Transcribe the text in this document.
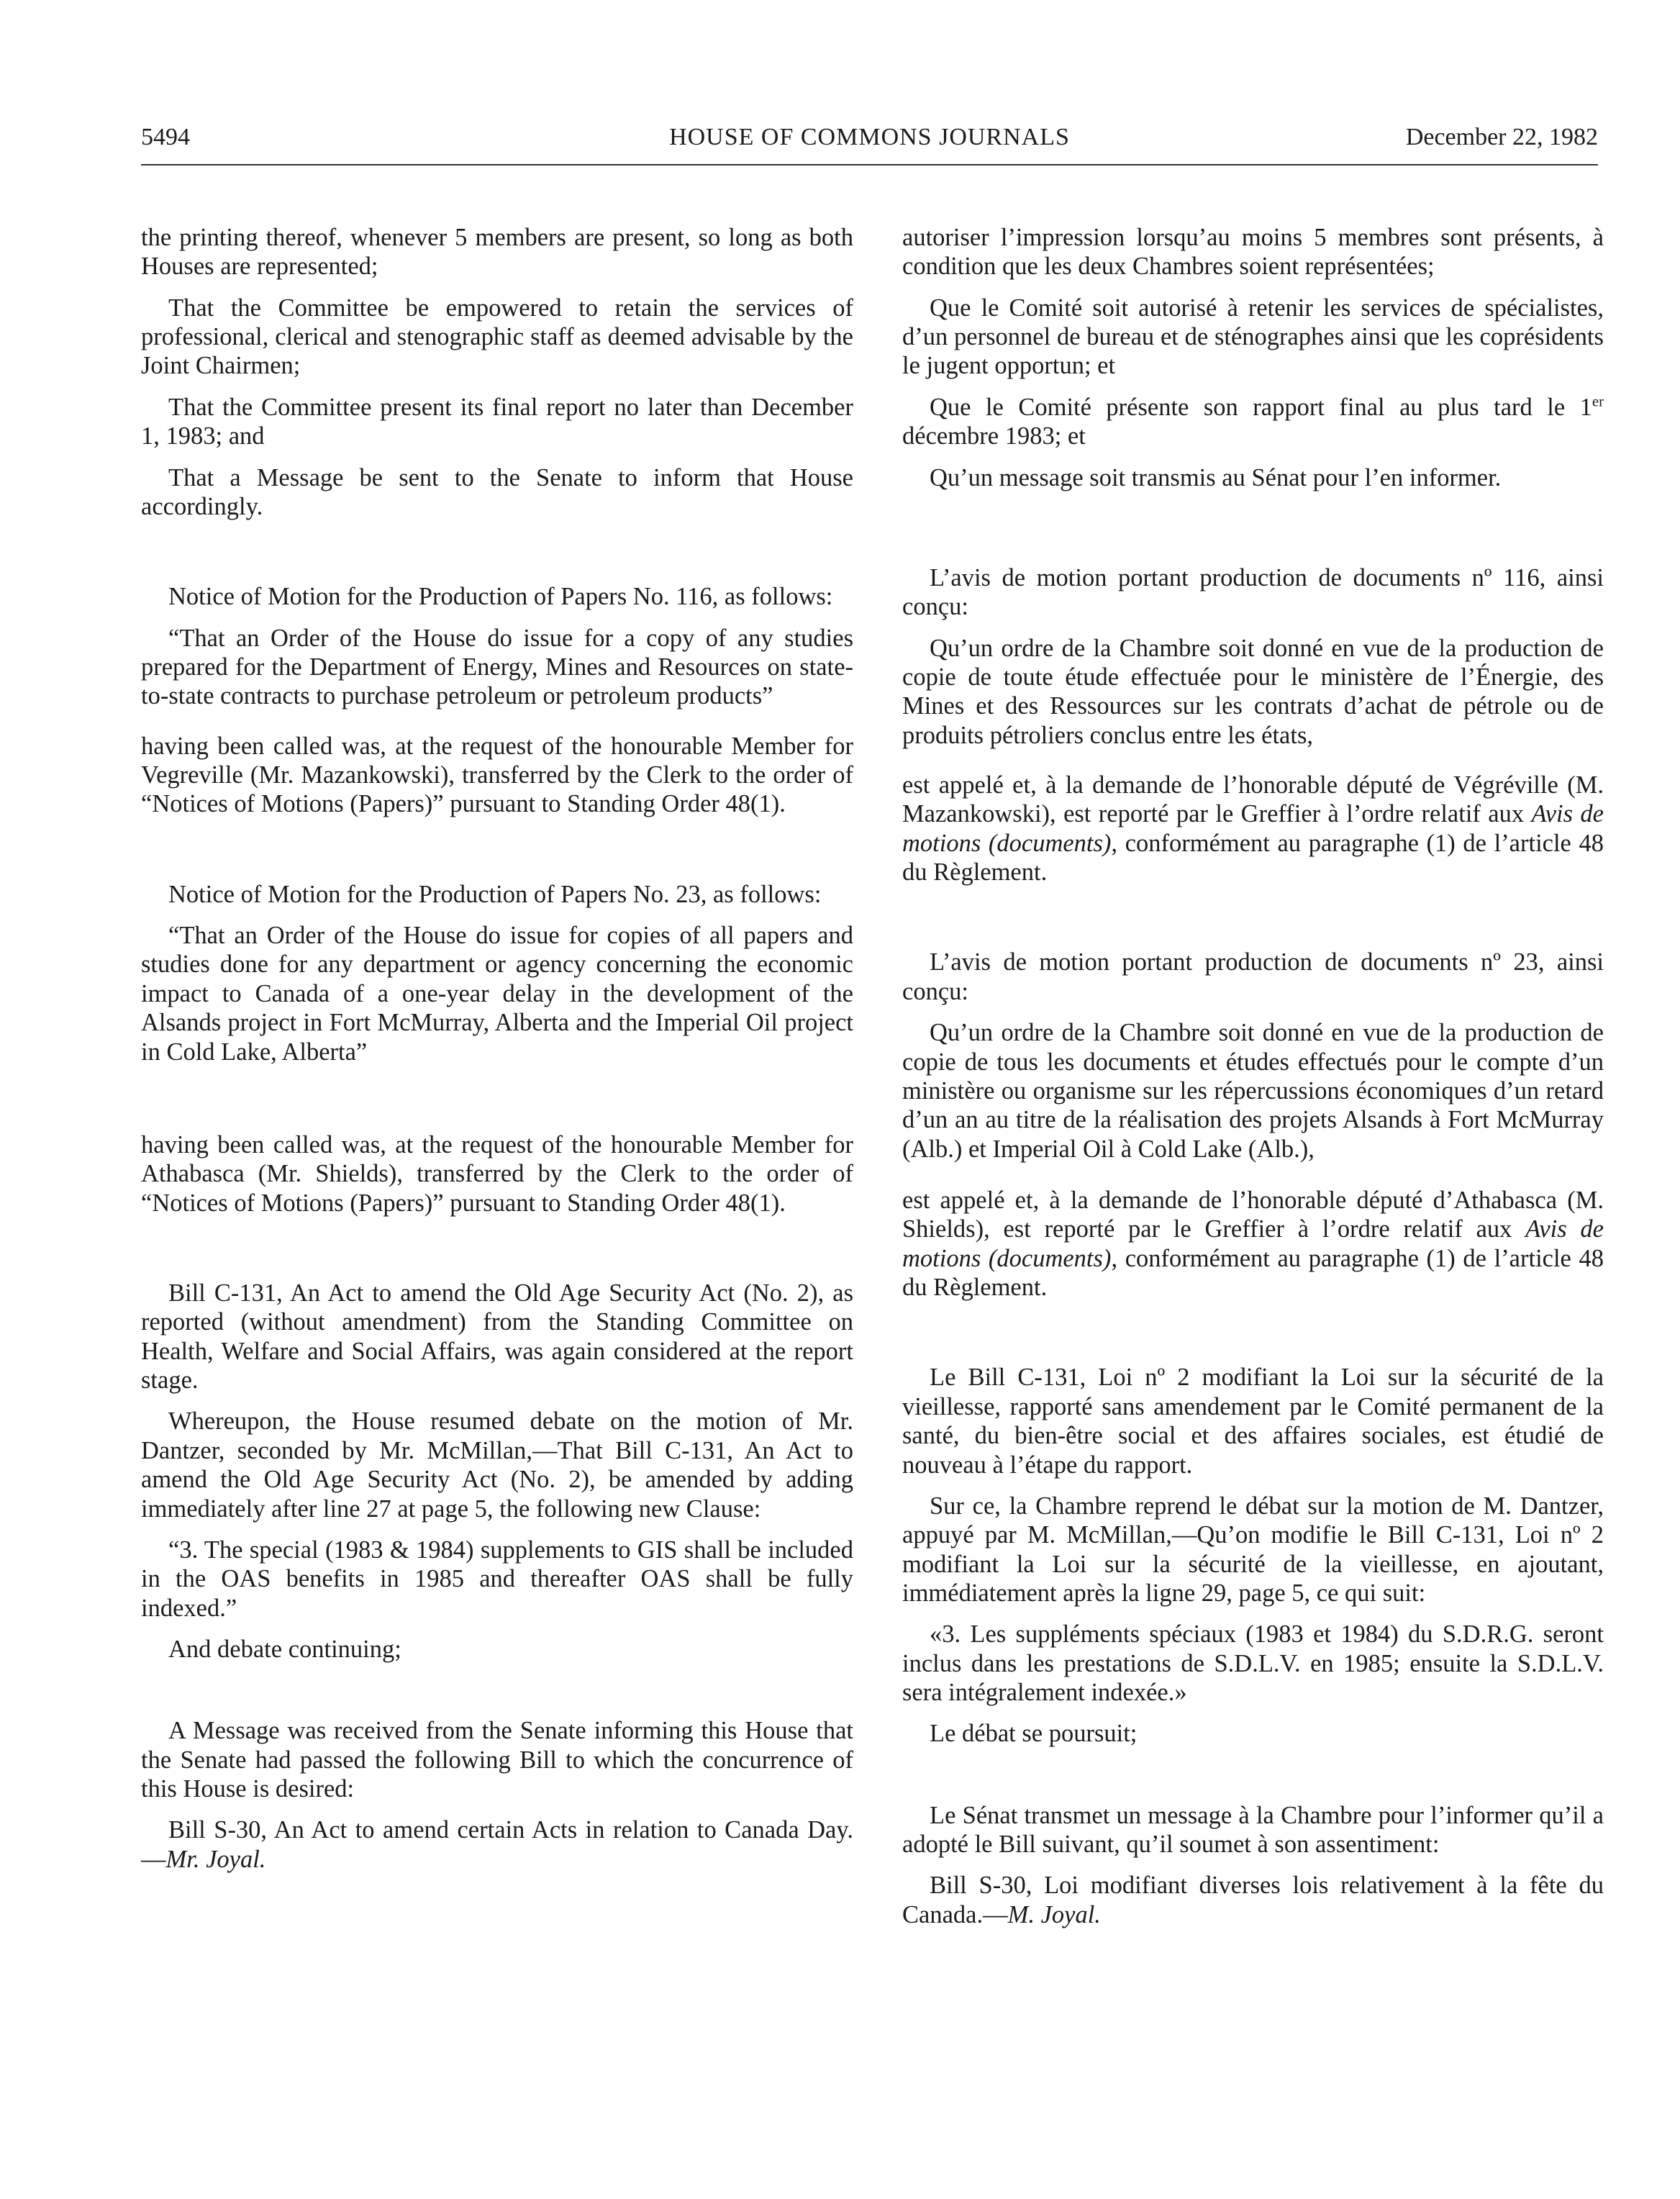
5494	HOUSE OF COMMONS JOURNALS	December 22, 1982

the printing thereof, whenever 5 members are present, so long as both Houses are represented;

That the Committee be empowered to retain the services of professional, clerical and stenographic staff as deemed advisable by the Joint Chairmen;

That the Committee present its final report no later than December 1, 1983; and

That a Message be sent to the Senate to inform that House accordingly.

Notice of Motion for the Production of Papers No. 116, as follows:

“That an Order of the House do issue for a copy of any studies prepared for the Department of Energy, Mines and Resources on state-to-state contracts to purchase petroleum or petroleum products”

having been called was, at the request of the honourable Member for Vegreville (Mr. Mazankowski), transferred by the Clerk to the order of “Notices of Motions (Papers)” pursuant to Standing Order 48(1).

Notice of Motion for the Production of Papers No. 23, as follows:

“That an Order of the House do issue for copies of all papers and studies done for any department or agency concerning the economic impact to Canada of a one-year delay in the development of the Alsands project in Fort McMurray, Alberta and the Imperial Oil project in Cold Lake, Alberta”

having been called was, at the request of the honourable Member for Athabasca (Mr. Shields), transferred by the Clerk to the order of “Notices of Motions (Papers)” pursuant to Standing Order 48(1).

Bill C-131, An Act to amend the Old Age Security Act (No. 2), as reported (without amendment) from the Standing Committee on Health, Welfare and Social Affairs, was again considered at the report stage.

Whereupon, the House resumed debate on the motion of Mr. Dantzer, seconded by Mr. McMillan,—That Bill C-131, An Act to amend the Old Age Security Act (No. 2), be amended by adding immediately after line 27 at page 5, the following new Clause:

“3. The special (1983 & 1984) supplements to GIS shall be included in the OAS benefits in 1985 and thereafter OAS shall be fully indexed.”

And debate continuing;

A Message was received from the Senate informing this House that the Senate had passed the following Bill to which the concurrence of this House is desired:

Bill S-30, An Act to amend certain Acts in relation to Canada Day.—Mr. Joyal.

autoriser l’impression lorsqu’au moins 5 membres sont présents, à condition que les deux Chambres soient représentées;

Que le Comité soit autorisé à retenir les services de spécialistes, d’un personnel de bureau et de sténographes ainsi que les coprésidents le jugent opportun; et

Que le Comité présente son rapport final au plus tard le 1er décembre 1983; et

Qu’un message soit transmis au Sénat pour l’en informer.

L’avis de motion portant production de documents nº 116, ainsi conçu:

Qu’un ordre de la Chambre soit donné en vue de la production de copie de toute étude effectuée pour le ministère de l’Énergie, des Mines et des Ressources sur les contrats d’achat de pétrole ou de produits pétroliers conclus entre les états,

est appelé et, à la demande de l’honorable député de Végréville (M. Mazankowski), est reporté par le Greffier à l’ordre relatif aux Avis de motions (documents), conformément au paragraphe (1) de l’article 48 du Règlement.

L’avis de motion portant production de documents nº 23, ainsi conçu:

Qu’un ordre de la Chambre soit donné en vue de la production de copie de tous les documents et études effectués pour le compte d’un ministère ou organisme sur les répercussions économiques d’un retard d’un an au titre de la réalisation des projets Alsands à Fort McMurray (Alb.) et Imperial Oil à Cold Lake (Alb.),

est appelé et, à la demande de l’honorable député d’Athabasca (M. Shields), est reporté par le Greffier à l’ordre relatif aux Avis de motions (documents), conformément au paragraphe (1) de l’article 48 du Règlement.

Le Bill C-131, Loi nº 2 modifiant la Loi sur la sécurité de la vieillesse, rapporté sans amendement par le Comité permanent de la santé, du bien-être social et des affaires sociales, est étudié de nouveau à l’étape du rapport.

Sur ce, la Chambre reprend le débat sur la motion de M. Dantzer, appuyé par M. McMillan,—Qu’on modifie le Bill C-131, Loi nº 2 modifiant la Loi sur la sécurité de la vieillesse, en ajoutant, immédiatement après la ligne 29, page 5, ce qui suit:

«3. Les suppléments spéciaux (1983 et 1984) du S.D.R.G. seront inclus dans les prestations de S.D.L.V. en 1985; ensuite la S.D.L.V. sera intégralement indexée.»

Le débat se poursuit;

Le Sénat transmet un message à la Chambre pour l’informer qu’il a adopté le Bill suivant, qu’il soumet à son assentiment:

Bill S-30, Loi modifiant diverses lois relativement à la fête du Canada.—M. Joyal.
